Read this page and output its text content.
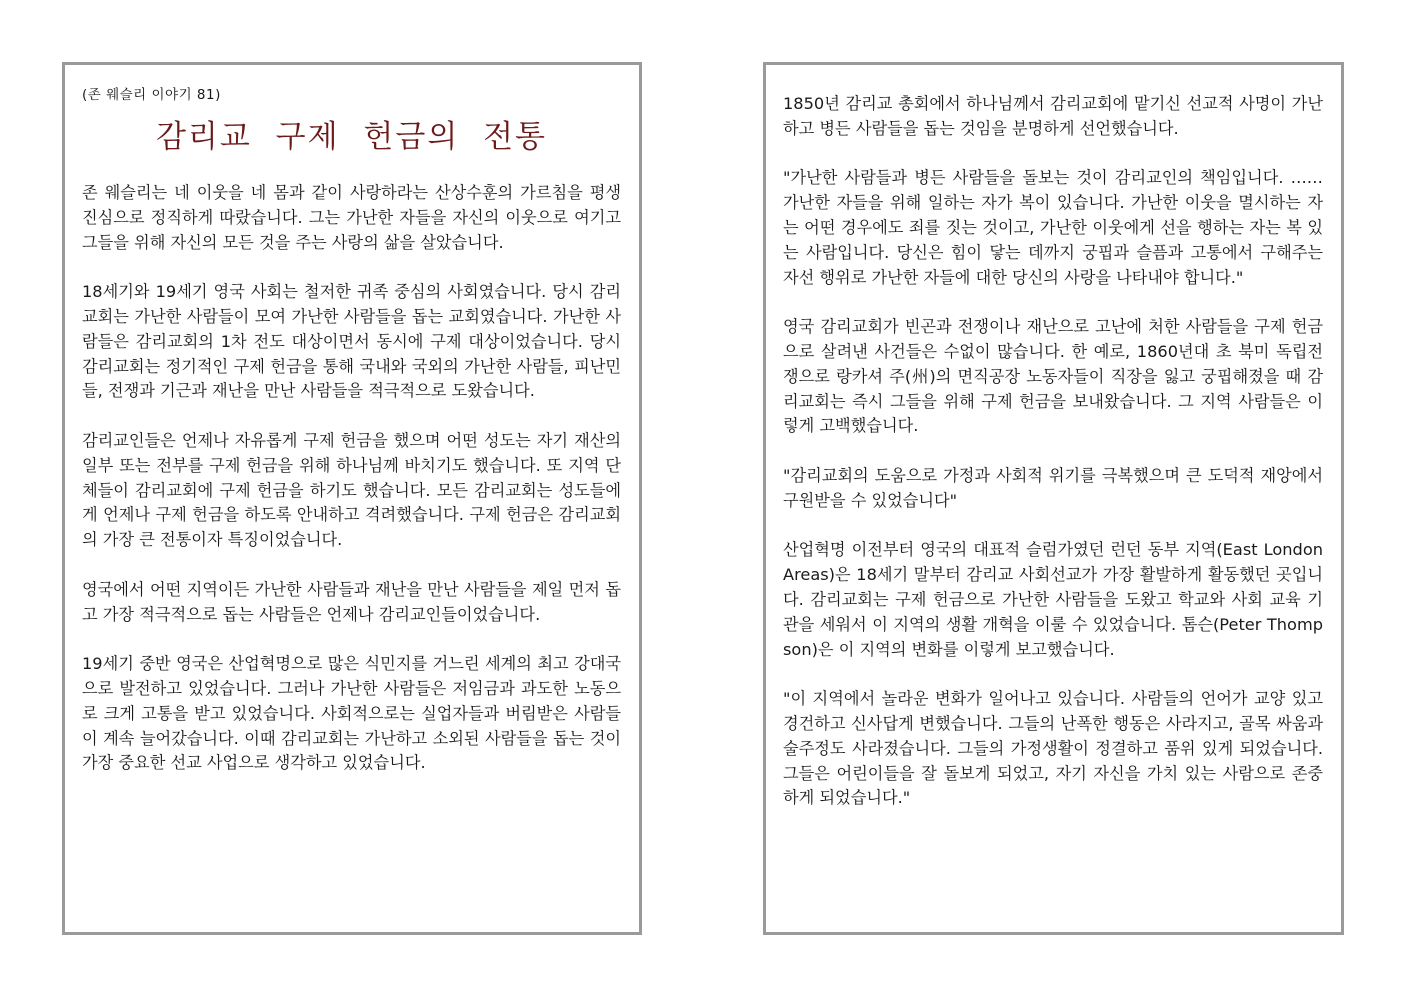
(존 웨슬리 이야기 81)
감리교 구제 헌금의 전통

존 웨슬리는 네 이웃을 네 몸과 같이 사랑하라는 산상수훈의 가르침을 평생 진심으로 정직하게 따랐습니다. 그는 가난한 자들을 자신의 이웃으로 여기고 그들을 위해 자신의 모든 것을 주는 사랑의 삶을 살았습니다.

18세기와 19세기 영국 사회는 철저한 귀족 중심의 사회였습니다. 당시 감리교회는 가난한 사람들이 모여 가난한 사람들을 돕는 교회였습니다. 가난한 사람들은 감리교회의 1차 전도 대상이면서 동시에 구제 대상이었습니다. 당시 감리교회는 정기적인 구제 헌금을 통해 국내와 국외의 가난한 사람들, 피난민들, 전쟁과 기근과 재난을 만난 사람들을 적극적으로 도왔습니다.

감리교인들은 언제나 자유롭게 구제 헌금을 했으며 어떤 성도는 자기 재산의 일부 또는 전부를 구제 헌금을 위해 하나님께 바치기도 했습니다. 또 지역 단체들이 감리교회에 구제 헌금을 하기도 했습니다. 모든 감리교회는 성도들에게 언제나 구제 헌금을 하도록 안내하고 격려했습니다. 구제 헌금은 감리교회의 가장 큰 전통이자 특징이었습니다.

영국에서 어떤 지역이든 가난한 사람들과 재난을 만난 사람들을 제일 먼저 돕고 가장 적극적으로 돕는 사람들은 언제나 감리교인들이었습니다.

19세기 중반 영국은 산업혁명으로 많은 식민지를 거느린 세계의 최고 강대국으로 발전하고 있었습니다. 그러나 가난한 사람들은 저임금과 과도한 노동으로 크게 고통을 받고 있었습니다. 사회적으로는 실업자들과 버림받은 사람들이 계속 늘어갔습니다. 이때 감리교회는 가난하고 소외된 사람들을 돕는 것이 가장 중요한 선교 사업으로 생각하고 있었습니다.

1850년 감리교 총회에서 하나님께서 감리교회에 맡기신 선교적 사명이 가난하고 병든 사람들을 돕는 것임을 분명하게 선언했습니다.

"가난한 사람들과 병든 사람들을 돌보는 것이 감리교인의 책임입니다. …… 가난한 자들을 위해 일하는 자가 복이 있습니다. 가난한 이웃을 멸시하는 자는 어떤 경우에도 죄를 짓는 것이고, 가난한 이웃에게 선을 행하는 자는 복 있는 사람입니다. 당신은 힘이 닿는 데까지 궁핍과 슬픔과 고통에서 구해주는 자선 행위로 가난한 자들에 대한 당신의 사랑을 나타내야 합니다."

영국 감리교회가 빈곤과 전쟁이나 재난으로 고난에 처한 사람들을 구제 헌금으로 살려낸 사건들은 수없이 많습니다. 한 예로, 1860년대 초 북미 독립전쟁으로 랑카셔 주(州)의 면직공장 노동자들이 직장을 잃고 궁핍해졌을 때 감리교회는 즉시 그들을 위해 구제 헌금을 보내왔습니다. 그 지역 사람들은 이렇게 고백했습니다.

"감리교회의 도움으로 가정과 사회적 위기를 극복했으며 큰 도덕적 재앙에서 구원받을 수 있었습니다"

산업혁명 이전부터 영국의 대표적 슬럼가였던 런던 동부 지역(East London Areas)은 18세기 말부터 감리교 사회선교가 가장 활발하게 활동했던 곳입니다. 감리교회는 구제 헌금으로 가난한 사람들을 도왔고 학교와 사회 교육 기관을 세워서 이 지역의 생활 개혁을 이룰 수 있었습니다. 톰슨(Peter Thompson)은 이 지역의 변화를 이렇게 보고했습니다.

"이 지역에서 놀라운 변화가 일어나고 있습니다. 사람들의 언어가 교양 있고 경건하고 신사답게 변했습니다. 그들의 난폭한 행동은 사라지고, 골목 싸움과 술주정도 사라졌습니다. 그들의 가정생활이 정결하고 품위 있게 되었습니다. 그들은 어린이들을 잘 돌보게 되었고, 자기 자신을 가치 있는 사람으로 존중하게 되었습니다."
